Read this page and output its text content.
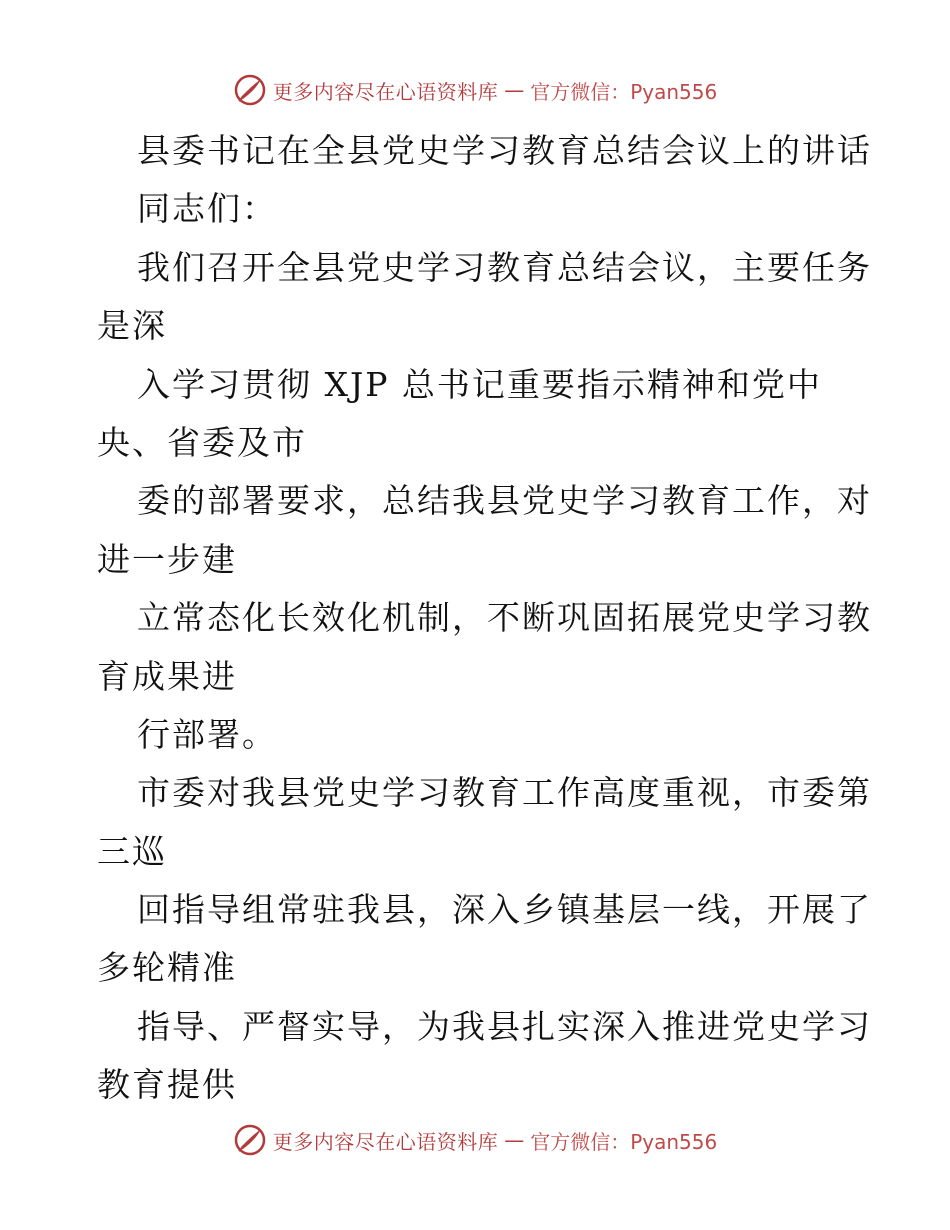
更多内容尽在心语资料库 — 官方微信：Pyan556
县委书记在全县党史学习教育总结会议上的讲话
同志们：
我们召开全县党史学习教育总结会议，主要任务
是深
入学习贯彻 XJP 总书记重要指示精神和党中
央、省委及市
委的部署要求，总结我县党史学习教育工作，对
进一步建
立常态化长效化机制，不断巩固拓展党史学习教
育成果进
行部署。
市委对我县党史学习教育工作高度重视，市委第
三巡
回指导组常驻我县，深入乡镇基层一线，开展了
多轮精准
指导、严督实导，为我县扎实深入推进党史学习
教育提供
更多内容尽在心语资料库 — 官方微信：Pyan556
